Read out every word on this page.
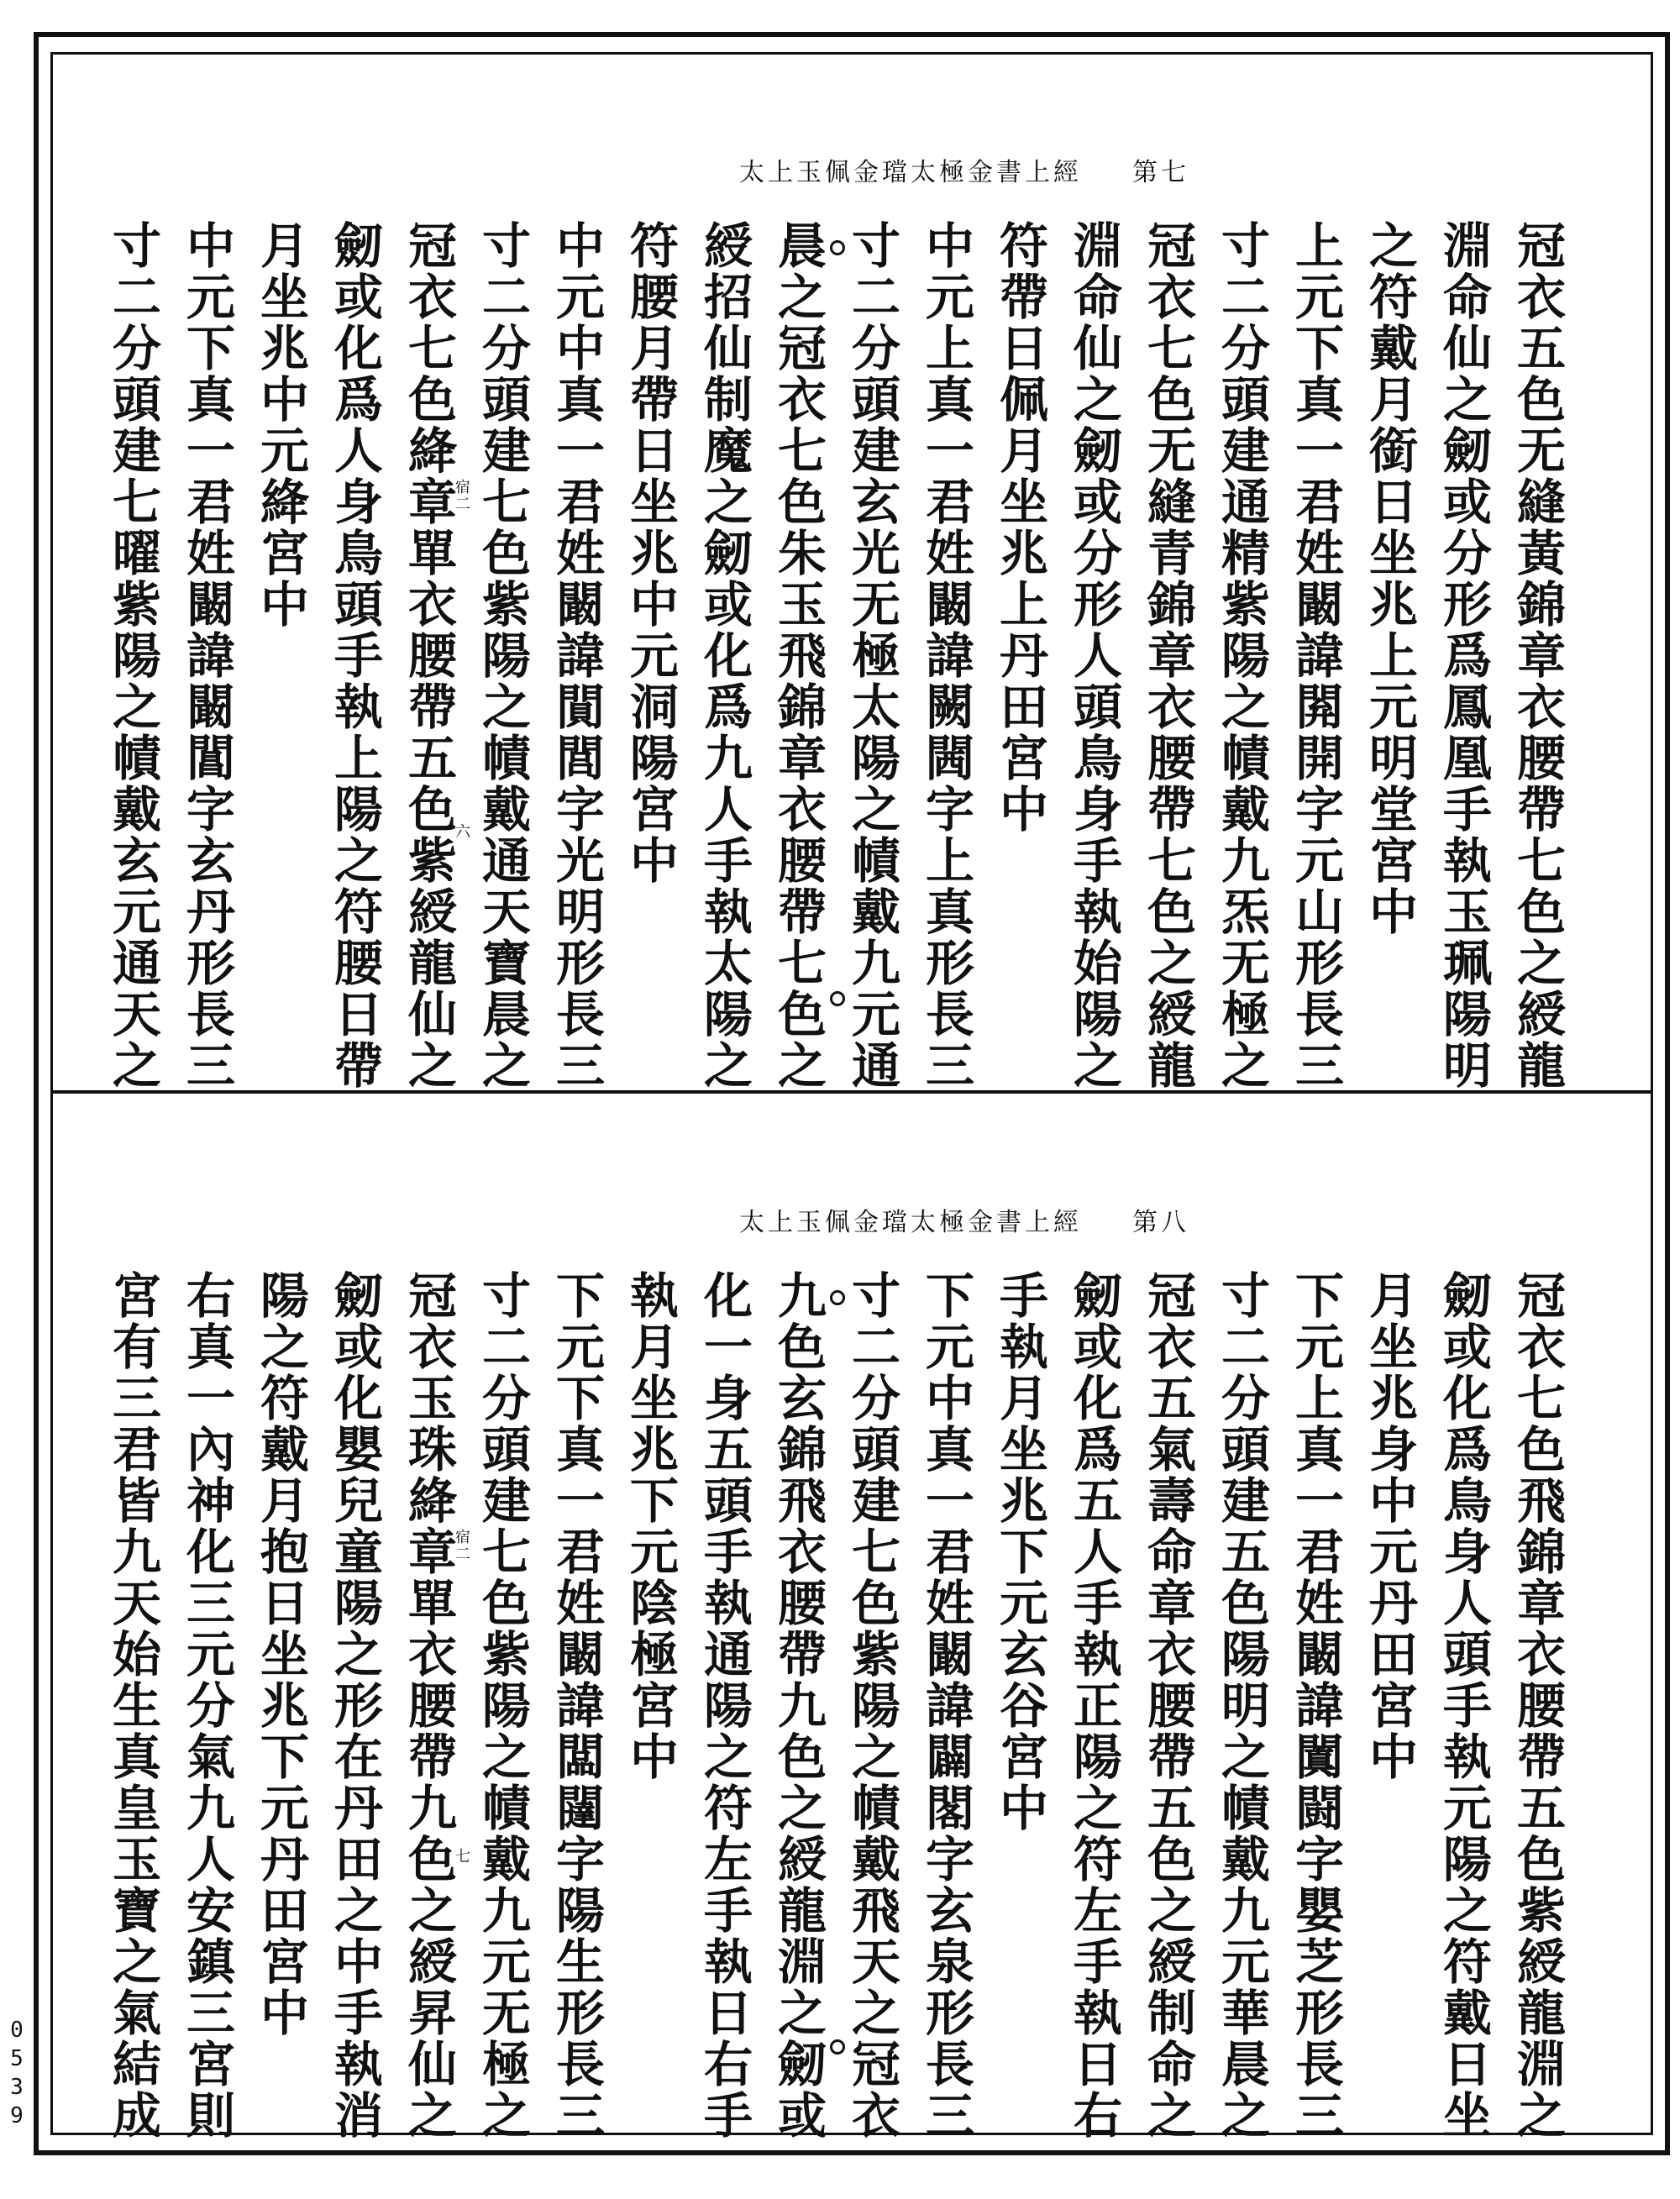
太上玉佩金璫太極金書上經 第七
冠衣五色无縫黃錦章衣腰帶七色之綬龍
淵命仙之劒或分形爲鳳凰手執玉珮陽明
之符戴月銜日坐兆上元明堂宮中
上元下真一君姓闞諱閞開字元山形長三
寸二分頭建通精紫陽之幘戴九炁无極之
冠衣七色无縫青錦章衣腰帶七色之綬龍
淵命仙之劒或分形人頭鳥身手執始陽之
符帶日佩月坐兆上丹田宮中
中元上真一君姓闞諱闕閪字上真形長三
寸二分頭建玄光无極太陽之幘戴九元通
晨之冠衣七色朱玉飛錦章衣腰帶七色之
綬招仙制魔之劒或化爲九人手執太陽之
符腰月帶日坐兆中元洞陽宮中
中元中真一君姓闞諱閴閭字光明形長三
寸二分頭建七色紫陽之幘戴通天寶晨之
冠衣七色絳章單衣腰帶五色紫綬龍仙之
劒或化爲人身鳥頭手執上陽之符腰日帶
月坐兆中元絳宮中
中元下真一君姓闞諱闞閶字玄丹形長三
寸二分頭建七曜紫陽之幘戴玄元通天之	宿二
六
太上玉佩金璫太極金書上經 第八
冠衣七色飛錦章衣腰帶五色紫綬龍淵之
劒或化爲鳥身人頭手執元陽之符戴日坐
月坐兆身中元丹田宮中
下元上真一君姓闞諱闐闘字嬰芝形長三
寸二分頭建五色陽明之幘戴九元華晨之
冠衣五氣壽命章衣腰帶五色之綬制命之
劒或化爲五人手執正陽之符左手執日右
手執月坐兆下元玄谷宮中
下元中真一君姓闞諱闢閣字玄泉形長三
寸二分頭建七色紫陽之幘戴飛天之冠衣
九色玄錦飛衣腰帶九色之綬龍淵之劒或
化一身五頭手執通陽之符左手執日右手
執月坐兆下元陰極宮中
下元下真一君姓闞諱闆闥字陽生形長三
寸二分頭建七色紫陽之幘戴九元无極之
冠衣玉珠絳章單衣腰帶九色之綬昇仙之
劒或化嬰兒童陽之形在丹田之中手執消
陽之符戴月抱日坐兆下元丹田宮中
右真一內神化三元分氣九人安鎮三宮則
宮有三君皆九天始生真皇玉寶之氣結成	宿二
七
0539
